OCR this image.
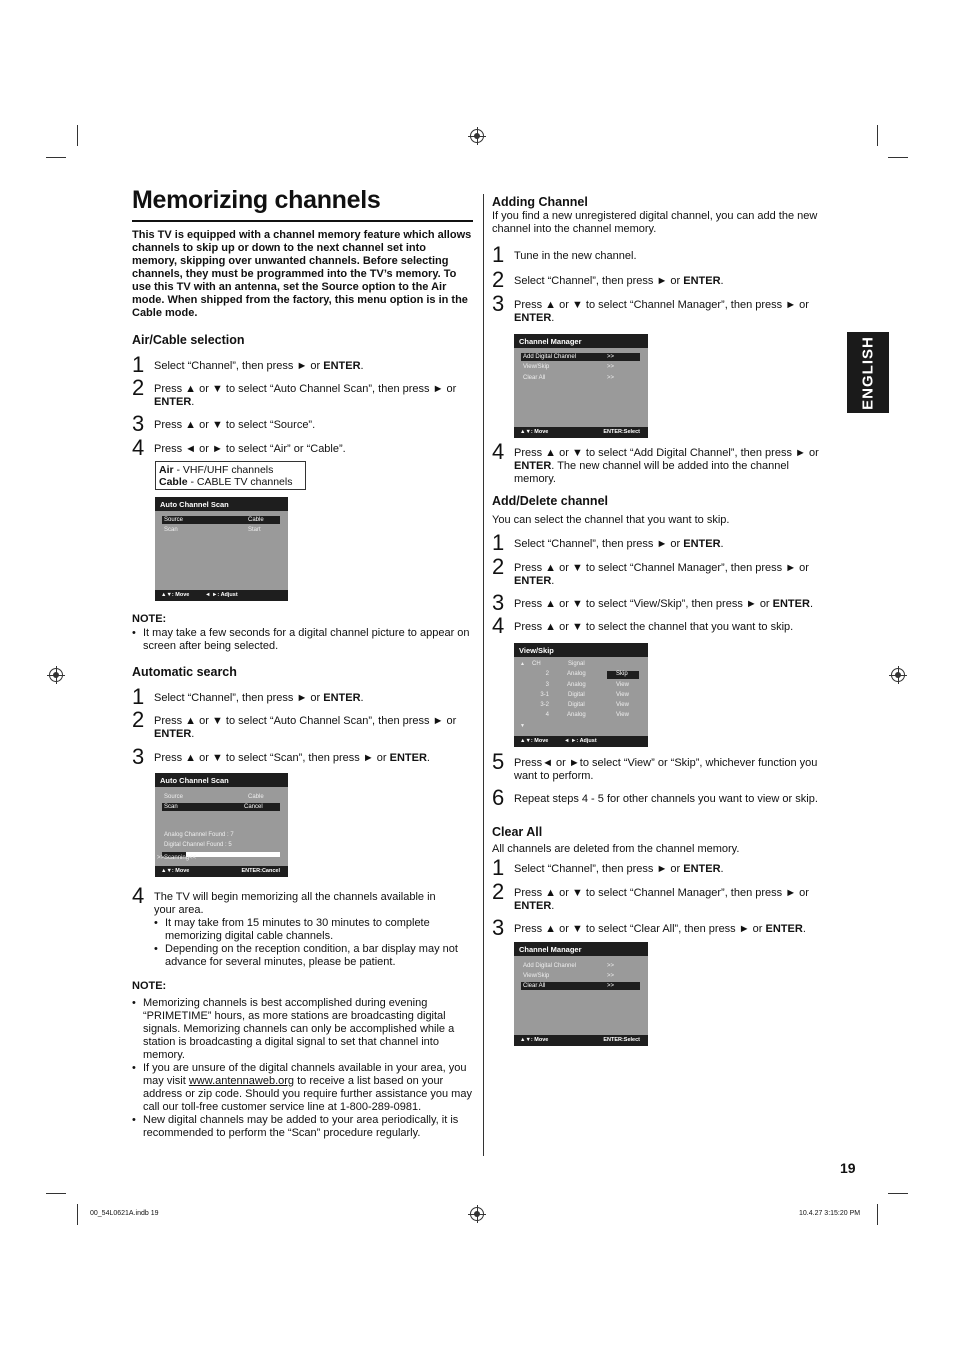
Memorizing channels
ENGLISH
This TV is equipped with a channel memory feature which allows channels to skip up or down to the next channel set into memory, skipping over unwanted channels. Before selecting channels, they must be programmed into the TV’s memory. To use this TV with an antenna, set the Source option to the Air mode. When shipped from the factory, this menu option is in the Cable mode.
Air/Cable selection
1 Select “Channel”, then press ► or ENTER.
2 Press ▲ or ▼ to select “Auto Channel Scan”, then press ► or ENTER.
3 Press ▲ or ▼ to select “Source”.
4 Press ◄ or ► to select “Air” or “Cable”.
Air - VHF/UHF channels
Cable - CABLE TV channels
Auto Channel Scan
Source	Cable
Scan	Start
▲▼: Move	◄ ►: Adjust
NOTE:
• It may take a few seconds for a digital channel picture to appear on screen after being selected.
Automatic search
1 Select “Channel”, then press ► or ENTER.
2 Press ▲ or ▼ to select “Auto Channel Scan”, then press ► or ENTER.
3 Press ▲ or ▼ to select “Scan”, then press ► or ENTER.
Auto Channel Scan
Source	Cable
Scan	Cancel
Analog Channel Found : 7
Digital Channel Found : 5
>>Scanning<<
▲▼: Move	ENTER:Cancel
4 The TV will begin memorizing all the channels available in your area.
• It may take from 15 minutes to 30 minutes to complete memorizing digital cable channels.
• Depending on the reception condition, a bar display may not advance for several minutes, please be patient.
NOTE:
• Memorizing channels is best accomplished during evening “PRIMETIME” hours, as more stations are broadcasting digital signals. Memorizing channels can only be accomplished while a station is broadcasting a digital signal to set that channel into memory.
• If you are unsure of the digital channels available in your area, you may visit www.antennaweb.org to receive a list based on your address or zip code. Should you require further assistance you may call our toll-free customer service line at 1-800-289-0981.
• New digital channels may be added to your area periodically, it is recommended to perform the “Scan” procedure regularly.
Adding Channel
If you find a new unregistered digital channel, you can add the new channel into the channel memory.
1 Tune in the new channel.
2 Select “Channel”, then press ► or ENTER.
3 Press ▲ or ▼ to select “Channel Manager”, then press ► or ENTER.
Channel Manager
Add Digital Channel	>>
View/Skip	>>
Clear All	>>
▲▼: Move	ENTER:Select
4 Press ▲ or ▼ to select “Add Digital Channel”, then press ► or ENTER. The new channel will be added into the channel memory.
Add/Delete channel
You can select the channel that you want to skip.
1 Select “Channel”, then press ► or ENTER.
2 Press ▲ or ▼ to select “Channel Manager”, then press ► or ENTER.
3 Press ▲ or ▼ to select “View/Skip”, then press ► or ENTER.
4 Press ▲ or ▼ to select the channel that you want to skip.
View/Skip
▲ CH	Signal
2	Analog	Skip
3	Analog	View
3-1	Digital	View
3-2	Digital	View
4	Analog	View
▼
▲▼: Move	◄ ►: Adjust
5 Press◄ or ►to select “View” or “Skip”, whichever function you want to perform.
6 Repeat steps 4 - 5 for other channels you want to view or skip.
Clear All
All channels are deleted from the channel memory.
1 Select “Channel”, then press ► or ENTER.
2 Press ▲ or ▼ to select “Channel Manager”, then press ► or ENTER.
3 Press ▲ or ▼ to select “Clear All”, then press ► or ENTER.
Channel Manager
Add Digital Channel	>>
View/Skip	>>
Clear All	>>
▲▼: Move	ENTER:Select
19
00_54L0621A.indb 19	10.4.27 3:15:20 PM
